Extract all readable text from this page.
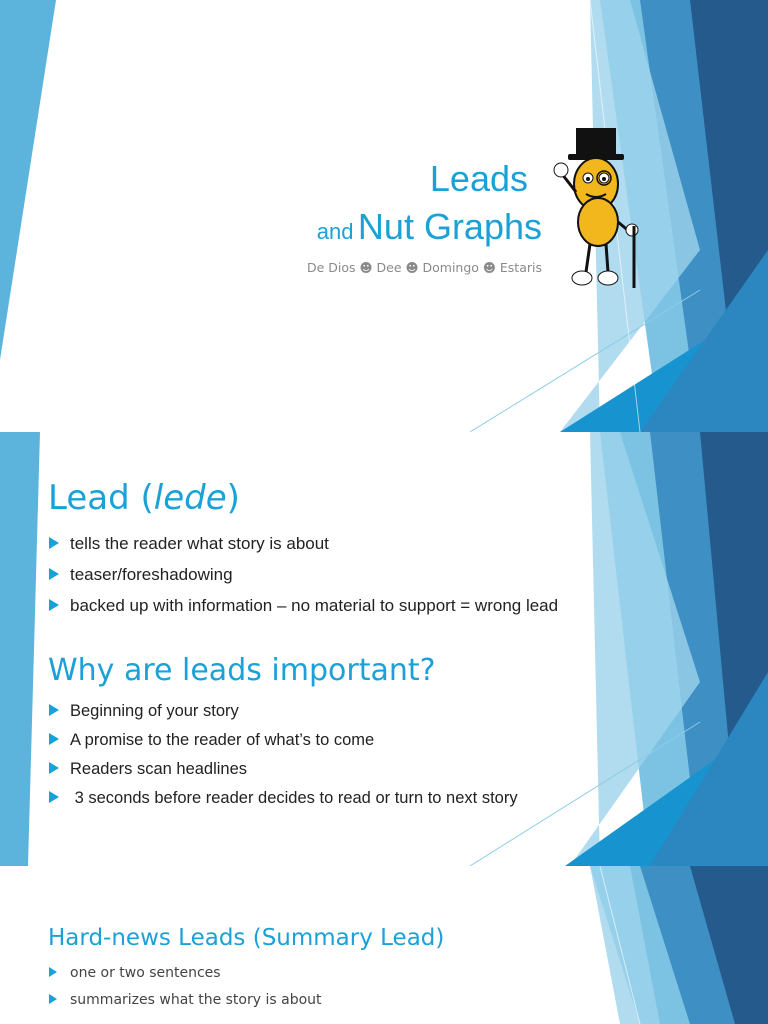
Leads
and Nut Graphs
De Dios ☻ Dee ☻ Domingo ☻ Estaris
Lead (lede)
tells the reader what story is about
teaser/foreshadowing
backed up with information – no material to support = wrong lead
Why are leads important?
Beginning of your story
A promise to the reader of what’s to come
Readers scan headlines
3 seconds before reader decides to read or turn to next story
Hard-news Leads (Summary Lead)
one or two sentences
summarizes what the story is about
